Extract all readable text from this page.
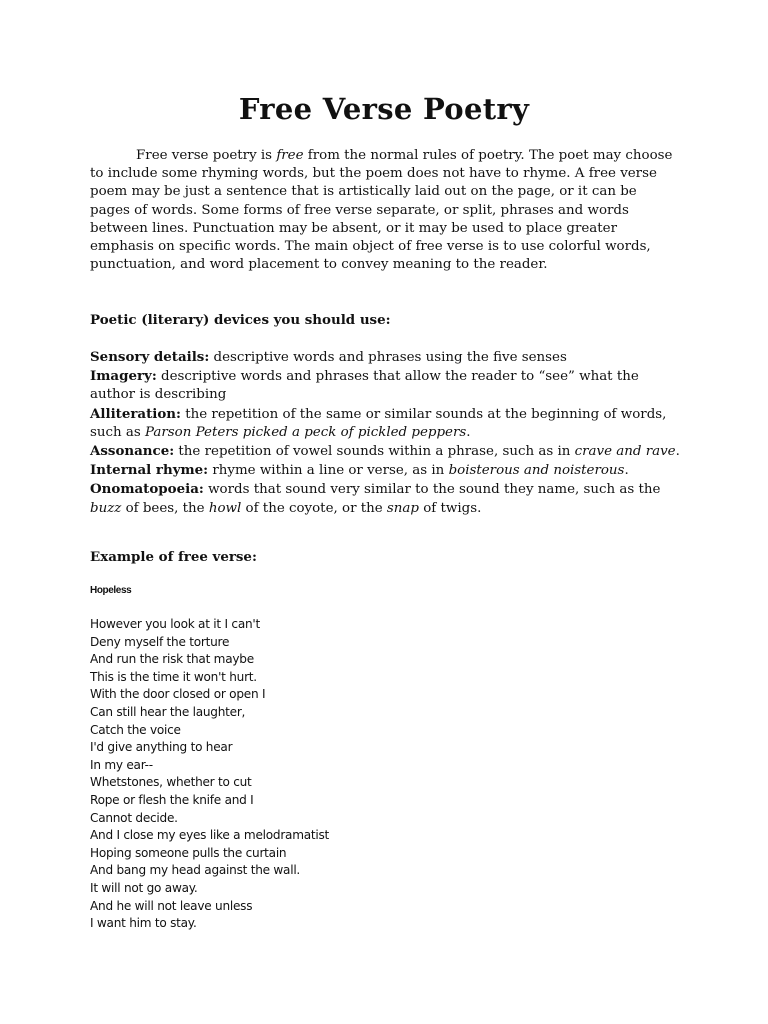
Free Verse Poetry

Free verse poetry is free from the normal rules of poetry. The poet may choose to include some rhyming words, but the poem does not have to rhyme. A free verse poem may be just a sentence that is artistically laid out on the page, or it can be pages of words. Some forms of free verse separate, or split, phrases and words between lines. Punctuation may be absent, or it may be used to place greater emphasis on specific words. The main object of free verse is to use colorful words, punctuation, and word placement to convey meaning to the reader.

Poetic (literary) devices you should use:

Sensory details: descriptive words and phrases using the five senses

Imagery: descriptive words and phrases that allow the reader to “see” what the author is describing

Alliteration: the repetition of the same or similar sounds at the beginning of words, such as Parson Peters picked a peck of pickled peppers.

Assonance: the repetition of vowel sounds within a phrase, such as in crave and rave.

Internal rhyme: rhyme within a line or verse, as in boisterous and noisterous.

Onomatopoeia: words that sound very similar to the sound they name, such as the buzz of bees, the howl of the coyote, or the snap of twigs.

Example of free verse:

Hopeless

However you look at it I can't
Deny myself the torture
And run the risk that maybe
This is the time it won't hurt.
With the door closed or open I
Can still hear the laughter,
Catch the voice
I'd give anything to hear
In my ear--
Whetstones, whether to cut
Rope or flesh the knife and I
Cannot decide.
And I close my eyes like a melodramatist
Hoping someone pulls the curtain
And bang my head against the wall.
It will not go away.
And he will not leave unless
I want him to stay.
